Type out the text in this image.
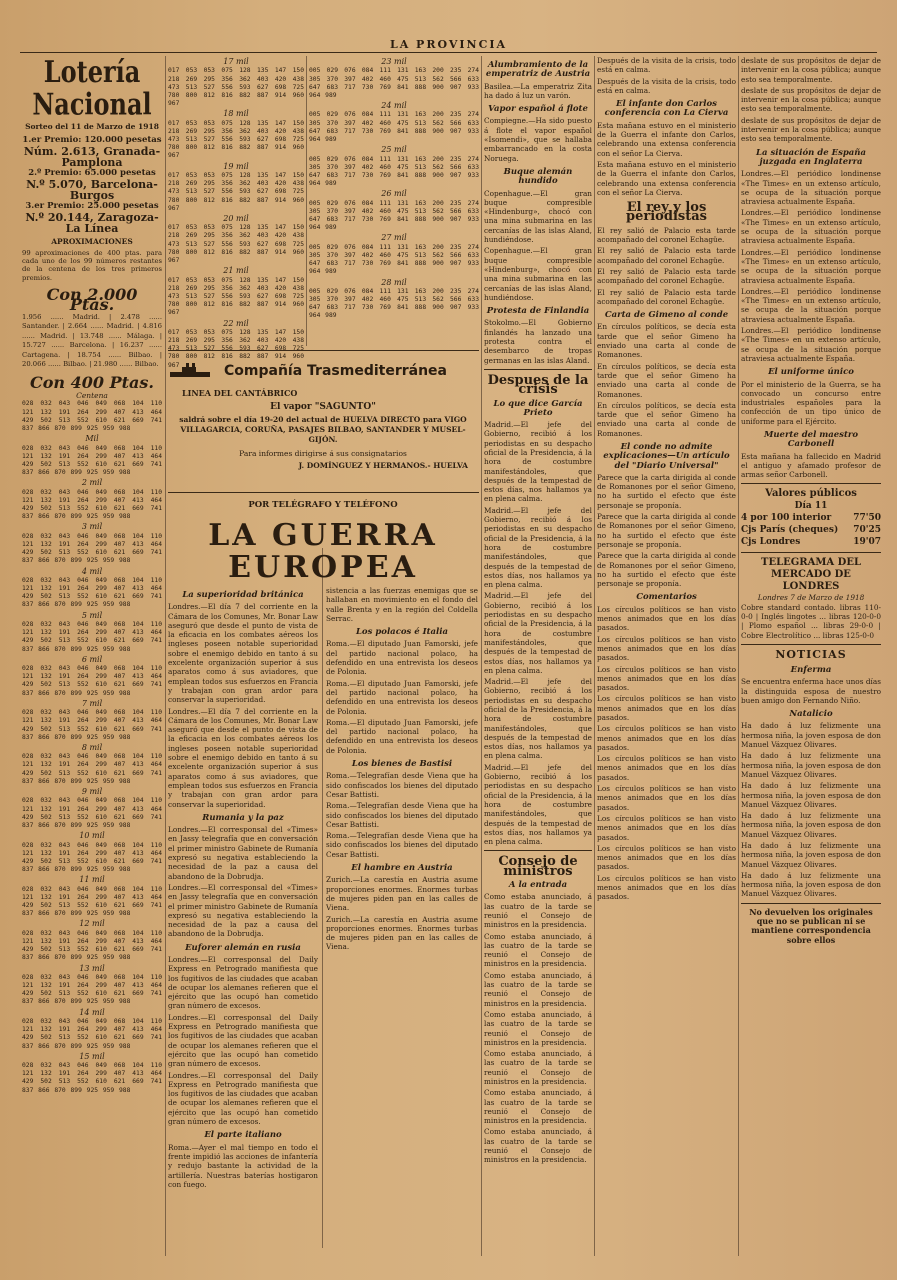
LA PROVINCIA
Lotería Nacional
Sorteo del 11 de Marzo de 1918
1.er Premio: 120.000 pesetas
Núm. 2.613, Granada-Pamplona
2.º Premio: 65.000 pesetas
N.º 5.070, Barcelona-Burgos
3.er Premio: 25.000 pesetas
N.º 20.144, Zaragoza-La Línea
APROXIMACIONES
99 aproximaciones de 400 ptas. para cada uno de los 99 números restantes de la centena de los tres primeros premios.
Con 2.000 Ptas.
1.956 ...... Madrid. | 2.478 ...... Santander. | 2.664 ...... Madrid. | 4.816 ...... Madrid. | 13.748 ...... Málaga. | 15.727 ...... Barcelona. | 16.237 ...... Cartagena. | 18.754 ...... Bilbao. | 20.066 ...... Bilbao. | 21.980 ...... Bilbao.
Con 400 Ptas.
Centena
028 032 043 046 049 068 104 110 121 132 191 264 299 407 413 464 429 502 513 552 610 621 669 741 837 866 870 899 925 959 988
Mil
028 032 043 046 049 068 104 110 121 132 191 264 299 407 413 464 429 502 513 552 610 621 669 741 837 866 870 899 925 959 988
2 mil
028 032 043 046 049 068 104 110 121 132 191 264 299 407 413 464 429 502 513 552 610 621 669 741 837 866 870 899 925 959 988
3 mil
028 032 043 046 049 068 104 110 121 132 191 264 299 407 413 464 429 502 513 552 610 621 669 741 837 866 870 899 925 959 988
4 mil
028 032 043 046 049 068 104 110 121 132 191 264 299 407 413 464 429 502 513 552 610 621 669 741 837 866 870 899 925 959 988
5 mil
028 032 043 046 049 068 104 110 121 132 191 264 299 407 413 464 429 502 513 552 610 621 669 741 837 866 870 899 925 959 988
6 mil
028 032 043 046 049 068 104 110 121 132 191 264 299 407 413 464 429 502 513 552 610 621 669 741 837 866 870 899 925 959 988
7 mil
028 032 043 046 049 068 104 110 121 132 191 264 299 407 413 464 429 502 513 552 610 621 669 741 837 866 870 899 925 959 988
8 mil
028 032 043 046 049 068 104 110 121 132 191 264 299 407 413 464 429 502 513 552 610 621 669 741 837 866 870 899 925 959 988
9 mil
028 032 043 046 049 068 104 110 121 132 191 264 299 407 413 464 429 502 513 552 610 621 669 741 837 866 870 899 925 959 988
10 mil
028 032 043 046 049 068 104 110 121 132 191 264 299 407 413 464 429 502 513 552 610 621 669 741 837 866 870 899 925 959 988
11 mil
028 032 043 046 049 068 104 110 121 132 191 264 299 407 413 464 429 502 513 552 610 621 669 741 837 866 870 899 925 959 988
12 mil
028 032 043 046 049 068 104 110 121 132 191 264 299 407 413 464 429 502 513 552 610 621 669 741 837 866 870 899 925 959 988
13 mil
028 032 043 046 049 068 104 110 121 132 191 264 299 407 413 464 429 502 513 552 610 621 669 741 837 866 870 899 925 959 988
14 mil
028 032 043 046 049 068 104 110 121 132 191 264 299 407 413 464 429 502 513 552 610 621 669 741 837 866 870 899 925 959 988
15 mil
028 032 043 046 049 068 104 110 121 132 191 264 299 407 413 464 429 502 513 552 610 621 669 741 837 866 870 899 925 959 988
17 mil
017 053 053 075 128 135 147 150 218 269 295 356 362 403 420 438 473 513 527 556 593 627 698 725 780 800 812 816 882 887 914 960 967
18 mil
017 053 053 075 128 135 147 150 218 269 295 356 362 403 420 438 473 513 527 556 593 627 698 725 780 800 812 816 882 887 914 960 967
19 mil
017 053 053 075 128 135 147 150 218 269 295 356 362 403 420 438 473 513 527 556 593 627 698 725 780 800 812 816 882 887 914 960 967
20 mil
017 053 053 075 128 135 147 150 218 269 295 356 362 403 420 438 473 513 527 556 593 627 698 725 780 800 812 816 882 887 914 960 967
21 mil
017 053 053 075 128 135 147 150 218 269 295 356 362 403 420 438 473 513 527 556 593 627 698 725 780 800 812 816 882 887 914 960 967
22 mil
017 053 053 075 128 135 147 150 218 269 295 356 362 403 420 438 473 513 527 556 593 627 698 725 780 800 812 816 882 887 914 960 967
23 mil
005 029 076 084 111 131 163 200 235 274 305 370 397 402 460 475 513 562 566 633 647 683 717 730 769 841 888 900 907 933 964 989
24 mil
005 029 076 084 111 131 163 200 235 274 305 370 397 402 460 475 513 562 566 633 647 683 717 730 769 841 888 900 907 933 964 989
25 mil
005 029 076 084 111 131 163 200 235 274 305 370 397 402 460 475 513 562 566 633 647 683 717 730 769 841 888 900 907 933 964 989
26 mil
005 029 076 084 111 131 163 200 235 274 305 370 397 402 460 475 513 562 566 633 647 683 717 730 769 841 888 900 907 933 964 989
27 mil
005 029 076 084 111 131 163 200 235 274 305 370 397 402 460 475 513 562 566 633 647 683 717 730 769 841 888 900 907 933 964 989
28 mil
005 029 076 084 111 131 163 200 235 274 305 370 397 402 460 475 513 562 566 633 647 683 717 730 769 841 888 900 907 933 964 989
Compañía Trasmediterránea
LINEA DEL CANTÁBRICO
El vapor "SAGUNTO"
saldrá sobre el día 19-20 del actual de HUELVA DIRECTO para VIGO VILLAGARCIA, CORUÑA, PASAJES BILBAO, SANTANDER Y MUSEL-GIJÓN.
Para informes dirigirse á sus consignatarios
J. DOMÍNGUEZ Y HERMANOS.- HUELVA
POR TELÉGRAFO Y TELÉFONO
LA GUERRA EUROPEA
La superioridad británica
Londres.—El día 7 del corriente en la Cámara de los Comunes, Mr. Bonar Law aseguró que desde el punto de vista de la eficacia en los combates aéreos los ingleses poseen notable superioridad sobre el enemigo debido en tanto á su excelente organización superior á sus aparatos como á sus aviadores, que emplean todos sus esfuerzos en Francia y trabajan con gran ardor para conservar la superioridad.
Londres.—El día 7 del corriente en la Cámara de los Comunes, Mr. Bonar Law aseguró que desde el punto de vista de la eficacia en los combates aéreos los ingleses poseen notable superioridad sobre el enemigo debido en tanto á su excelente organización superior á sus aparatos como á sus aviadores, que emplean todos sus esfuerzos en Francia y trabajan con gran ardor para conservar la superioridad.
Rumania y la paz
Londres.—El corresponsal del «Times» en Jassy telegrafía que en conversación el primer ministro Gabinete de Rumanía expresó su negativa estableciendo la necesidad de la paz a causa del abandono de la Dobrudja.
Londres.—El corresponsal del «Times» en Jassy telegrafía que en conversación el primer ministro Gabinete de Rumanía expresó su negativa estableciendo la necesidad de la paz a causa del abandono de la Dobrudja.
Euforer alemán en rusia
Londres.—El corresponsal del Daily Express en Petrogrado manifiesta que los fugitivos de las ciudades que acaban de ocupar los alemanes refieren que el ejército que las ocupó han cometido gran número de excesos.
Londres.—El corresponsal del Daily Express en Petrogrado manifiesta que los fugitivos de las ciudades que acaban de ocupar los alemanes refieren que el ejército que las ocupó han cometido gran número de excesos.
Londres.—El corresponsal del Daily Express en Petrogrado manifiesta que los fugitivos de las ciudades que acaban de ocupar los alemanes refieren que el ejército que las ocupó han cometido gran número de excesos.
El parte italiano
Roma.—Ayer el mal tiempo en todo el frente impidió las acciones de infantería y redujo bastante la actividad de la artillería. Nuestras baterías hostigaron con fuego.
sistencia a las fuerzas enemigas que se hallaban en movimiento en el fondo del valle Brenta y en la región del Coldella Serrac.
Los polacos é Italia
Roma.—El diputado Juan Famorski, jefe del partido nacional polaco, ha defendido en una entrevista los deseos de Polonia.
Roma.—El diputado Juan Famorski, jefe del partido nacional polaco, ha defendido en una entrevista los deseos de Polonia.
Roma.—El diputado Juan Famorski, jefe del partido nacional polaco, ha defendido en una entrevista los deseos de Polonia.
Los bienes de Bastisi
Roma.—Telegrafían desde Viena que ha sido confiscados los bienes del diputado Cesar Battisti.
Roma.—Telegrafían desde Viena que ha sido confiscados los bienes del diputado Cesar Battisti.
Roma.—Telegrafían desde Viena que ha sido confiscados los bienes del diputado Cesar Battisti.
El hambre en Austria
Zurich.—La carestía en Austria asume proporciones enormes. Enormes turbas de mujeres piden pan en las calles de Viena.
Zurich.—La carestía en Austria asume proporciones enormes. Enormes turbas de mujeres piden pan en las calles de Viena.
Alumbramiento de la emperatriz de Austria
Basilea.—La emperatriz Zita ha dado á luz un varón.
Vapor español á flote
Compiegne.—Ha sido puesto á flote el vapor español «Isomendi», que se hallaba embarrancado en la costa Noruega.
Buque alemán hundido
Copenhague.—El gran buque compresible «Hindenburg», chocó con una mina submarina en las cercanías de las islas Aland, hundiéndose.
Copenhague.—El gran buque compresible «Hindenburg», chocó con una mina submarina en las cercanías de las islas Aland, hundiéndose.
Protesta de Finlandia
Stokolmo.—El Gobierno finlandés ha lanzado una protesta contra el desembarco de tropas germanas en las islas Aland.
Despues de la crisis
Lo que dice García Prieto
Madrid.—El jefe del Gobierno, recibió á los periodistas en su despacho oficial de la Presidencia, á la hora de costumbre manifestándoles, que después de la tempestad de estos días, nos hallamos ya en plena calma.
Madrid.—El jefe del Gobierno, recibió á los periodistas en su despacho oficial de la Presidencia, á la hora de costumbre manifestándoles, que después de la tempestad de estos días, nos hallamos ya en plena calma.
Madrid.—El jefe del Gobierno, recibió á los periodistas en su despacho oficial de la Presidencia, á la hora de costumbre manifestándoles, que después de la tempestad de estos días, nos hallamos ya en plena calma.
Madrid.—El jefe del Gobierno, recibió á los periodistas en su despacho oficial de la Presidencia, á la hora de costumbre manifestándoles, que después de la tempestad de estos días, nos hallamos ya en plena calma.
Madrid.—El jefe del Gobierno, recibió á los periodistas en su despacho oficial de la Presidencia, á la hora de costumbre manifestándoles, que después de la tempestad de estos días, nos hallamos ya en plena calma.
Consejo de ministros
A la entrada
Como estaba anunciado, á las cuatro de la tarde se reunió el Consejo de ministros en la presidencia.
Como estaba anunciado, á las cuatro de la tarde se reunió el Consejo de ministros en la presidencia.
Como estaba anunciado, á las cuatro de la tarde se reunió el Consejo de ministros en la presidencia.
Como estaba anunciado, á las cuatro de la tarde se reunió el Consejo de ministros en la presidencia.
Como estaba anunciado, á las cuatro de la tarde se reunió el Consejo de ministros en la presidencia.
Como estaba anunciado, á las cuatro de la tarde se reunió el Consejo de ministros en la presidencia.
Como estaba anunciado, á las cuatro de la tarde se reunió el Consejo de ministros en la presidencia.
Después de la visita de la crisis, todo está en calma.
Después de la visita de la crisis, todo está en calma.
El infante don Carlos conferencia con La Cierva
Esta mañana estuvo en el ministerio de la Guerra el infante don Carlos, celebrando una extensa conferencia con el señor La Cierva.
Esta mañana estuvo en el ministerio de la Guerra el infante don Carlos, celebrando una extensa conferencia con el señor La Cierva.
El rey y los periodistas
El rey salió de Palacio esta tarde acompañado del coronel Echagüe.
El rey salió de Palacio esta tarde acompañado del coronel Echagüe.
El rey salió de Palacio esta tarde acompañado del coronel Echagüe.
El rey salió de Palacio esta tarde acompañado del coronel Echagüe.
Carta de Gimeno al conde
En círculos políticos, se decía esta tarde que el señor Gimeno ha enviado una carta al conde de Romanones.
En círculos políticos, se decía esta tarde que el señor Gimeno ha enviado una carta al conde de Romanones.
En círculos políticos, se decía esta tarde que el señor Gimeno ha enviado una carta al conde de Romanones.
El conde no admite explicaciones—Un artículo del "Diario Universal"
Parece que la carta dirigida al conde de Romanones por el señor Gimeno, no ha surtido el efecto que éste personaje se proponía.
Parece que la carta dirigida al conde de Romanones por el señor Gimeno, no ha surtido el efecto que éste personaje se proponía.
Parece que la carta dirigida al conde de Romanones por el señor Gimeno, no ha surtido el efecto que éste personaje se proponía.
Comentarios
Los círculos políticos se han visto menos animados que en los días pasados.
Los círculos políticos se han visto menos animados que en los días pasados.
Los círculos políticos se han visto menos animados que en los días pasados.
Los círculos políticos se han visto menos animados que en los días pasados.
Los círculos políticos se han visto menos animados que en los días pasados.
Los círculos políticos se han visto menos animados que en los días pasados.
Los círculos políticos se han visto menos animados que en los días pasados.
Los círculos políticos se han visto menos animados que en los días pasados.
Los círculos políticos se han visto menos animados que en los días pasados.
Los círculos políticos se han visto menos animados que en los días pasados.
deslate de sus propósitos de dejar de intervenir en la cosa pública; aunque esto sea temporalmente.
deslate de sus propósitos de dejar de intervenir en la cosa pública; aunque esto sea temporalmente.
deslate de sus propósitos de dejar de intervenir en la cosa pública; aunque esto sea temporalmente.
La situación de España juzgada en Inglaterra
Londres.—El periódico londinense «The Times» en un extenso artículo, se ocupa de la situación porque atraviesa actualmente España.
Londres.—El periódico londinense «The Times» en un extenso artículo, se ocupa de la situación porque atraviesa actualmente España.
Londres.—El periódico londinense «The Times» en un extenso artículo, se ocupa de la situación porque atraviesa actualmente España.
Londres.—El periódico londinense «The Times» en un extenso artículo, se ocupa de la situación porque atraviesa actualmente España.
Londres.—El periódico londinense «The Times» en un extenso artículo, se ocupa de la situación porque atraviesa actualmente España.
El uniforme único
Por el ministerio de la Guerra, se ha convocado un concurso entre industriales españoles para la confección de un tipo único de uniforme para el Ejército.
Muerte del maestro Carbonell
Esta mañana ha fallecido en Madrid el antiguo y afamado profesor de armas señor Carbonell.
Valores públicos
Día 11
4 por 100 interior 77'50
Cjs París (cheques) 70'25
Cjs Londres	19'07
TELEGRAMA DEL MERCADO DE LONDRES
Londres 7 de Marzo de 1918
Cobre standard contado. libras 110-0-0 | Inglés lingotes ... libras 120-0-0 | Plomo español ... libras 29-0-0 | Cobre Electrolítico ... libras 125-0-0
NOTICIAS
Enferma
Se encuentra enferma hace unos días la distinguida esposa de nuestro buen amigo don Fernando Niño.
Natalicio
Ha dado á luz felizmente una hermosa niña, la joven esposa de don Manuel Vázquez Olivares.
Ha dado á luz felizmente una hermosa niña, la joven esposa de don Manuel Vázquez Olivares.
Ha dado á luz felizmente una hermosa niña, la joven esposa de don Manuel Vázquez Olivares.
Ha dado á luz felizmente una hermosa niña, la joven esposa de don Manuel Vázquez Olivares.
Ha dado á luz felizmente una hermosa niña, la joven esposa de don Manuel Vázquez Olivares.
Ha dado á luz felizmente una hermosa niña, la joven esposa de don Manuel Vázquez Olivares.
No devuelven los originales que no se publican ni se mantiene correspondencia sobre ellos
